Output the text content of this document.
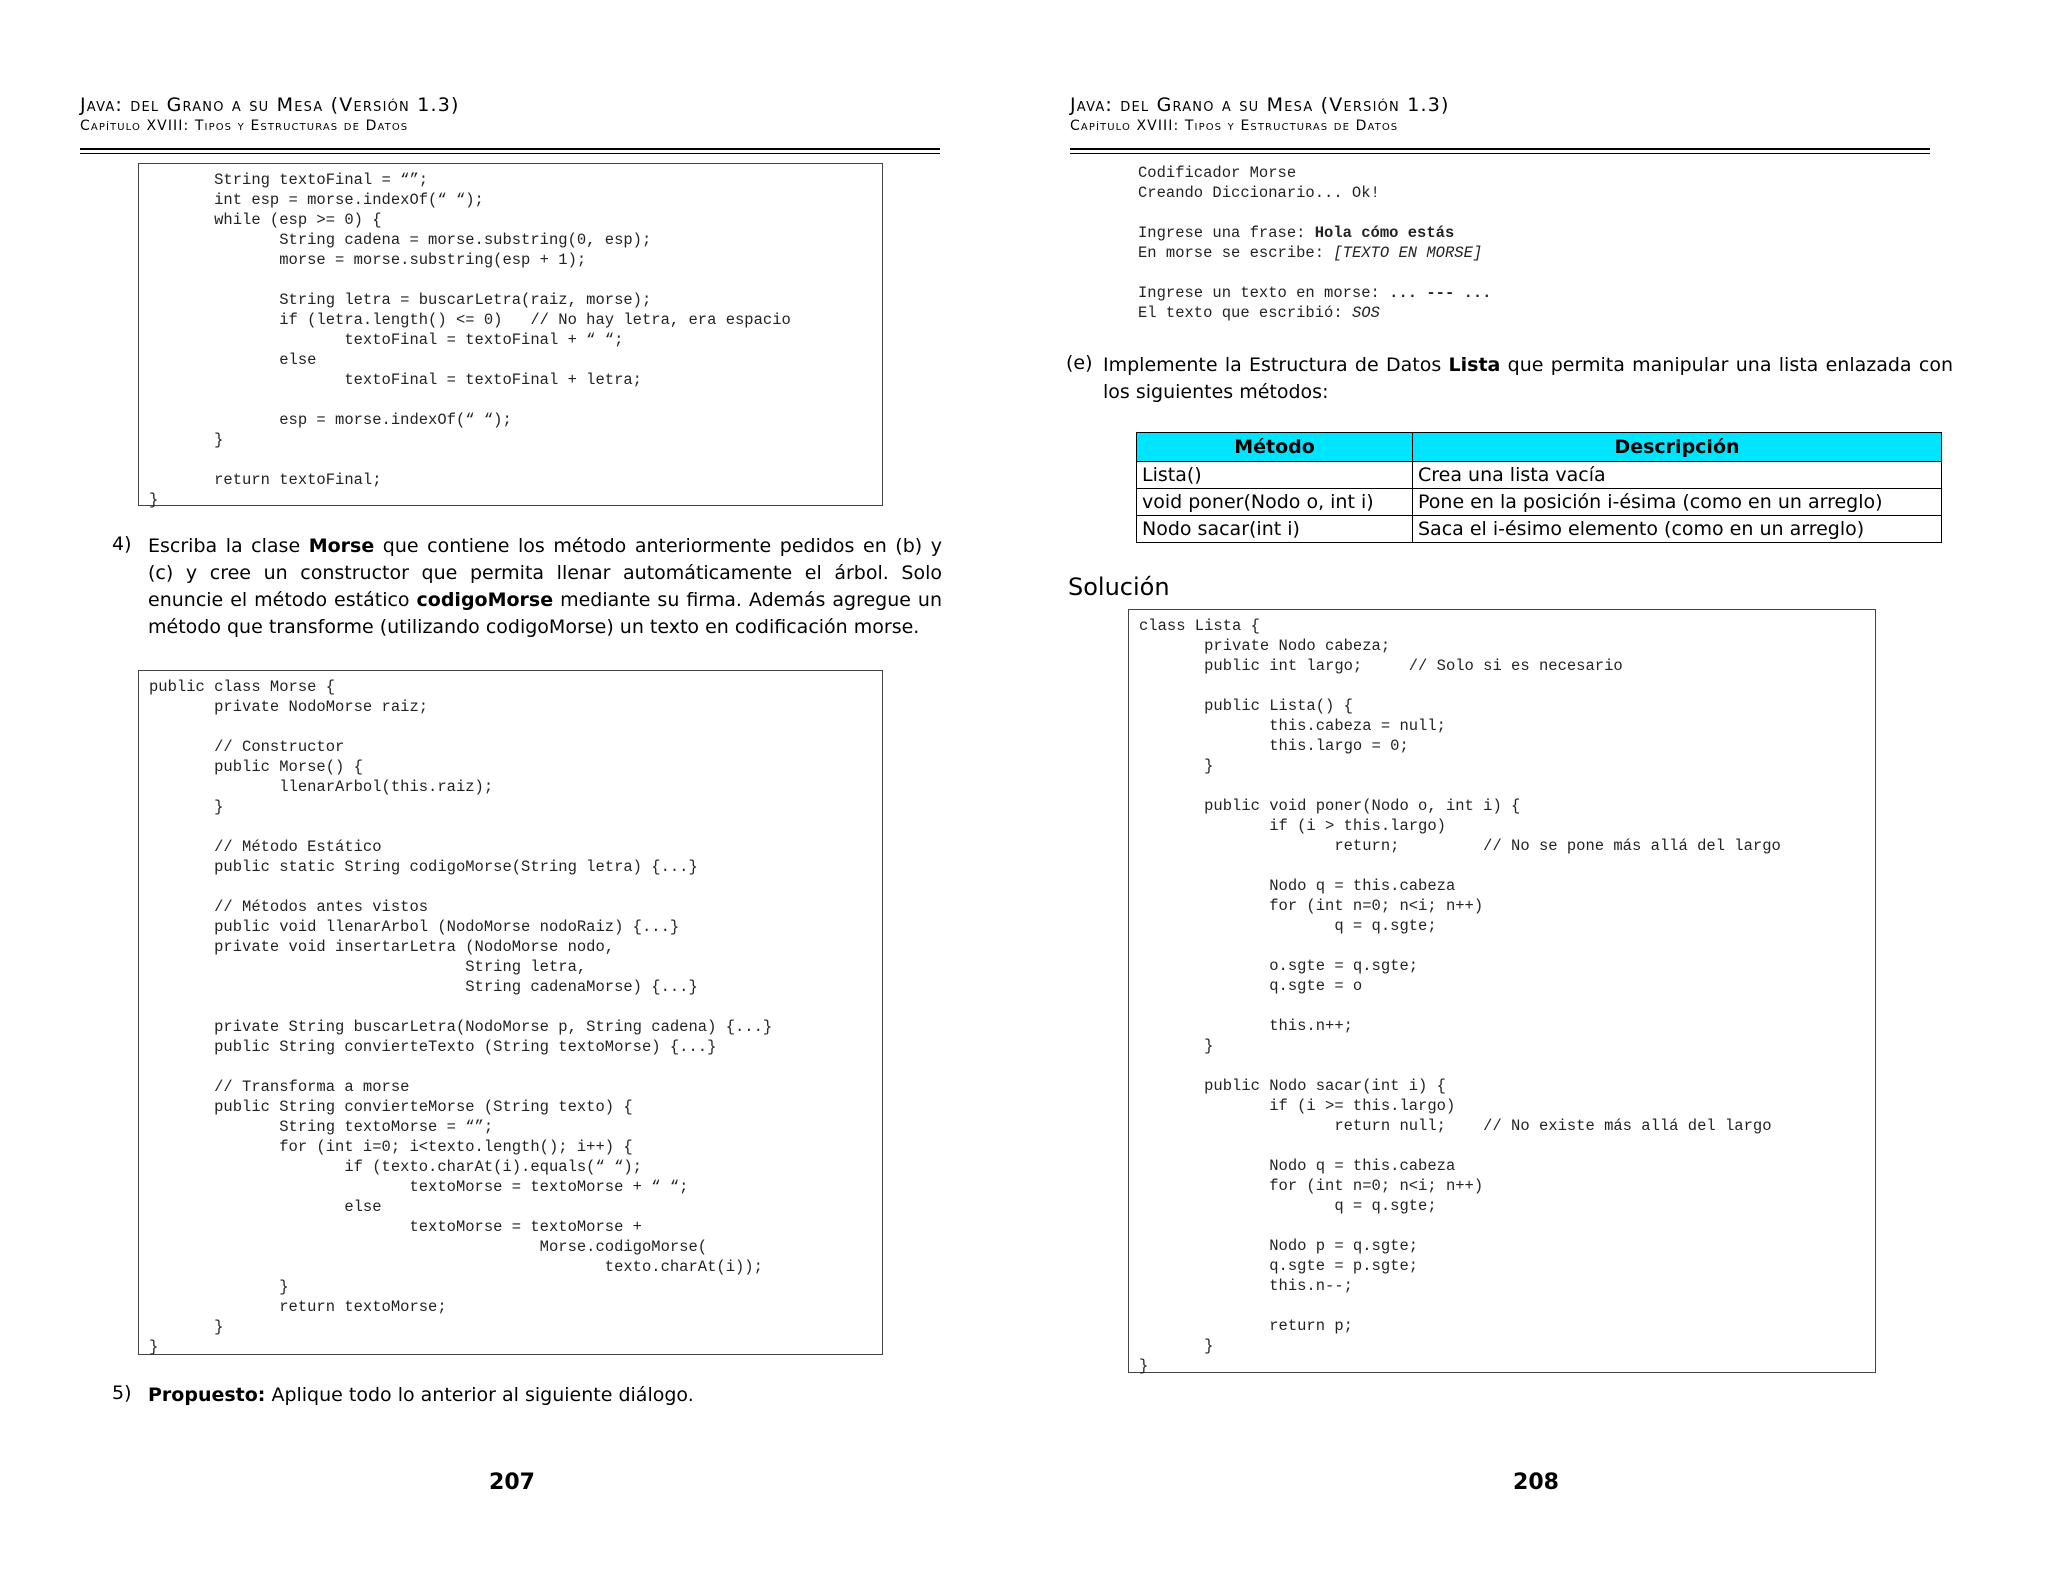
Java: del Grano a su Mesa (Versión 1.3)
Capítulo XVIII: Tipos y Estructuras de Datos
String textoFinal = “”;
int esp = morse.indexOf(“ “);
while (esp >= 0) {
String cadena = morse.substring(0, esp);
morse = morse.substring(esp + 1);

String letra = buscarLetra(raiz, morse);
if (letra.length() <= 0)   // No hay letra, era espacio
textoFinal = textoFinal + “ “;
else
textoFinal = textoFinal + letra;

esp = morse.indexOf(“ “);
}

return textoFinal;
}
4) Escriba la clase Morse que contiene los método anteriormente pedidos en (b) y (c) y cree un constructor que permita llenar automáticamente el árbol. Solo enuncie el método estático codigoMorse mediante su firma. Además agregue un método que transforme (utilizando codigoMorse) un texto en codificación morse.
public class Morse {
private NodoMorse raiz;

// Constructor
public Morse() {
llenarArbol(this.raiz);
}

// Método Estático
public static String codigoMorse(String letra) {...}

// Métodos antes vistos
public void llenarArbol (NodoMorse nodoRaiz) {...}
private void insertarLetra (NodoMorse nodo,
String letra,
String cadenaMorse) {...}

private String buscarLetra(NodoMorse p, String cadena) {...}
public String convierteTexto (String textoMorse) {...}

// Transforma a morse
public String convierteMorse (String texto) {
String textoMorse = “”;
for (int i=0; i<texto.length(); i++) {
if (texto.charAt(i).equals(“ “);
textoMorse = textoMorse + “ “;
else
textoMorse = textoMorse +
Morse.codigoMorse(
texto.charAt(i));
}
return textoMorse;
}
}
5) Propuesto: Aplique todo lo anterior al siguiente diálogo.
207
Java: del Grano a su Mesa (Versión 1.3)
Capítulo XVIII: Tipos y Estructuras de Datos
Codificador Morse
Creando Diccionario... Ok!

Ingrese una frase: Hola cómo estás
En morse se escribe: [TEXTO EN MORSE]

Ingrese un texto en morse: ... --- ...
El texto que escribió: SOS
(e) Implemente la Estructura de Datos Lista que permita manipular una lista enlazada con los siguientes métodos:
Método	Descripción
Lista()	Crea una lista vacía
void poner(Nodo o, int i)	Pone en la posición i-ésima (como en un arreglo)
Nodo sacar(int i)	Saca el i-ésimo elemento (como en un arreglo)
Solución
class Lista {
private Nodo cabeza;
public int largo;     // Solo si es necesario

public Lista() {
this.cabeza = null;
this.largo = 0;
}

public void poner(Nodo o, int i) {
if (i > this.largo)
return;         // No se pone más allá del largo

Nodo q = this.cabeza
for (int n=0; n<i; n++)
q = q.sgte;

o.sgte = q.sgte;
q.sgte = o

this.n++;
}

public Nodo sacar(int i) {
if (i >= this.largo)
return null;    // No existe más allá del largo

Nodo q = this.cabeza
for (int n=0; n<i; n++)
q = q.sgte;

Nodo p = q.sgte;
q.sgte = p.sgte;
this.n--;

return p;
}
}
208
